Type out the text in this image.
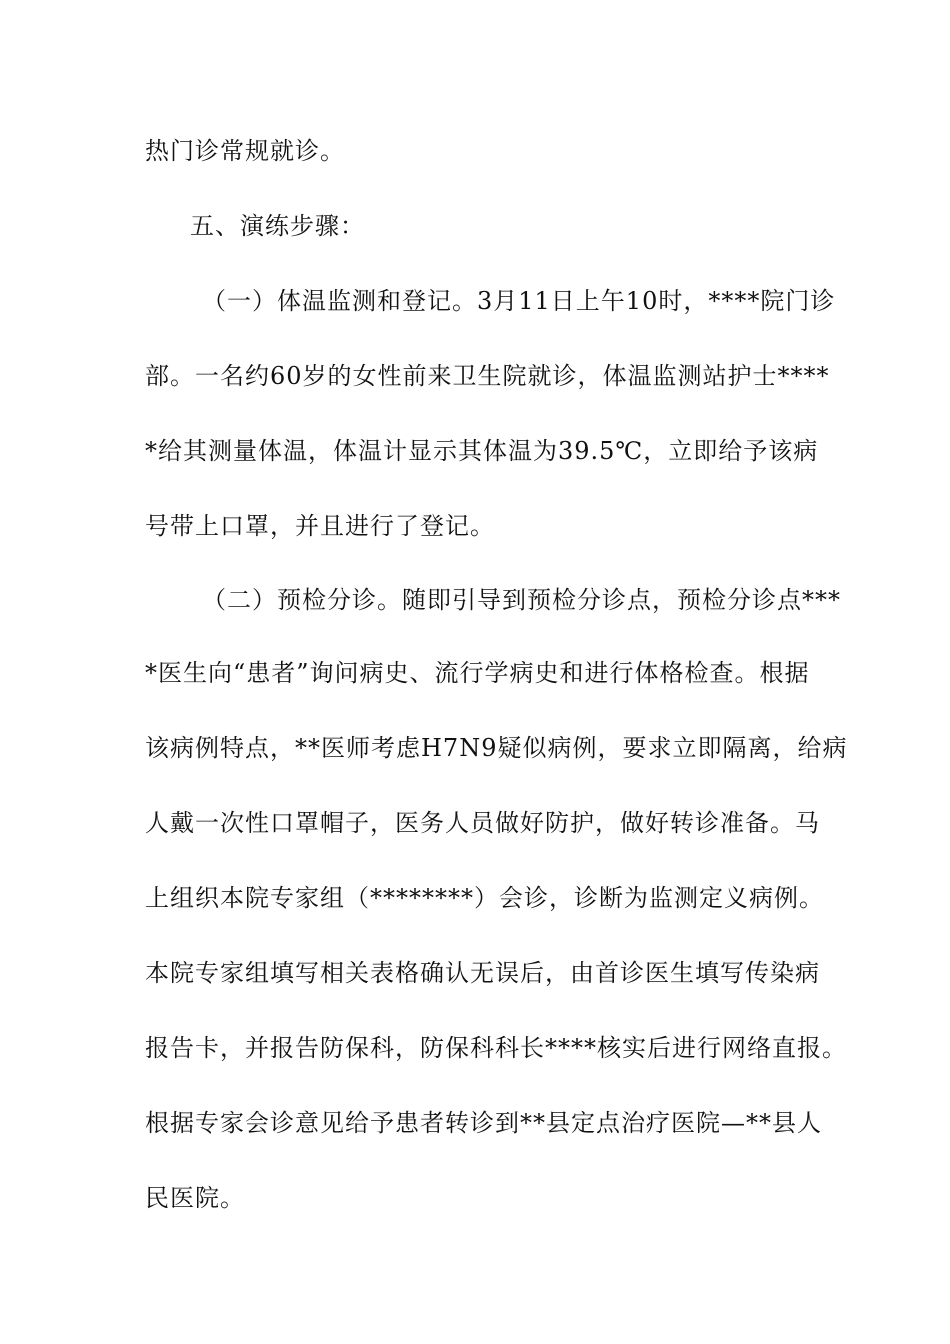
热门诊常规就诊。
五、演练步骤：
（一）体温监测和登记。3月11日上午10时，****院门诊
部。一名约60岁的女性前来卫生院就诊，体温监测站护士****
*给其测量体温，体温计显示其体温为39.5℃，立即给予该病
号带上口罩，并且进行了登记。
（二）预检分诊。随即引导到预检分诊点，预检分诊点***
*医生向“患者”询问病史、流行学病史和进行体格检查。根据
该病例特点，**医师考虑H7N9疑似病例，要求立即隔离，给病
人戴一次性口罩帽子，医务人员做好防护，做好转诊准备。马
上组织本院专家组（********）会诊，诊断为监测定义病例。
本院专家组填写相关表格确认无误后，由首诊医生填写传染病
报告卡，并报告防保科，防保科科长****核实后进行网络直报。
根据专家会诊意见给予患者转诊到**县定点治疗医院—**县人
民医院。
